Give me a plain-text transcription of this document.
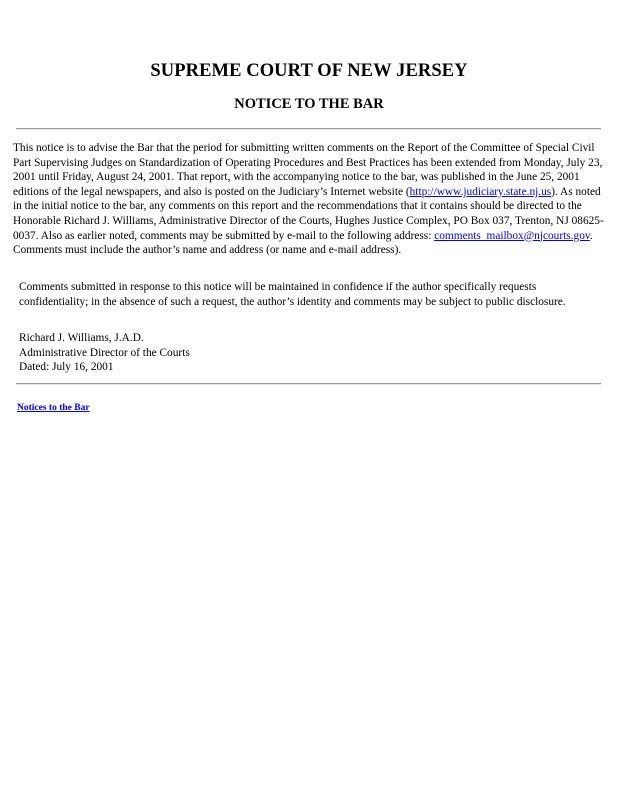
SUPREME COURT OF NEW JERSEY
NOTICE TO THE BAR

This notice is to advise the Bar that the period for submitting written comments on the Report of the Committee of Special Civil Part Supervising Judges on Standardization of Operating Procedures and Best Practices has been extended from Monday, July 23, 2001 until Friday, August 24, 2001. That report, with the accompanying notice to the bar, was published in the June 25, 2001 editions of the legal newspapers, and also is posted on the Judiciary’s Internet website (http://www.judiciary.state.nj.us). As noted in the initial notice to the bar, any comments on this report and the recommendations that it contains should be directed to the Honorable Richard J. Williams, Administrative Director of the Courts, Hughes Justice Complex, PO Box 037, Trenton, NJ 08625-0037. Also as earlier noted, comments may be submitted by e-mail to the following address: comments_mailbox@njcourts.gov. Comments must include the author’s name and address (or name and e-mail address).

Comments submitted in response to this notice will be maintained in confidence if the author specifically requests confidentiality; in the absence of such a request, the author’s identity and comments may be subject to public disclosure.

Richard J. Williams, J.A.D.
Administrative Director of the Courts
Dated: July 16, 2001
Notices to the Bar
